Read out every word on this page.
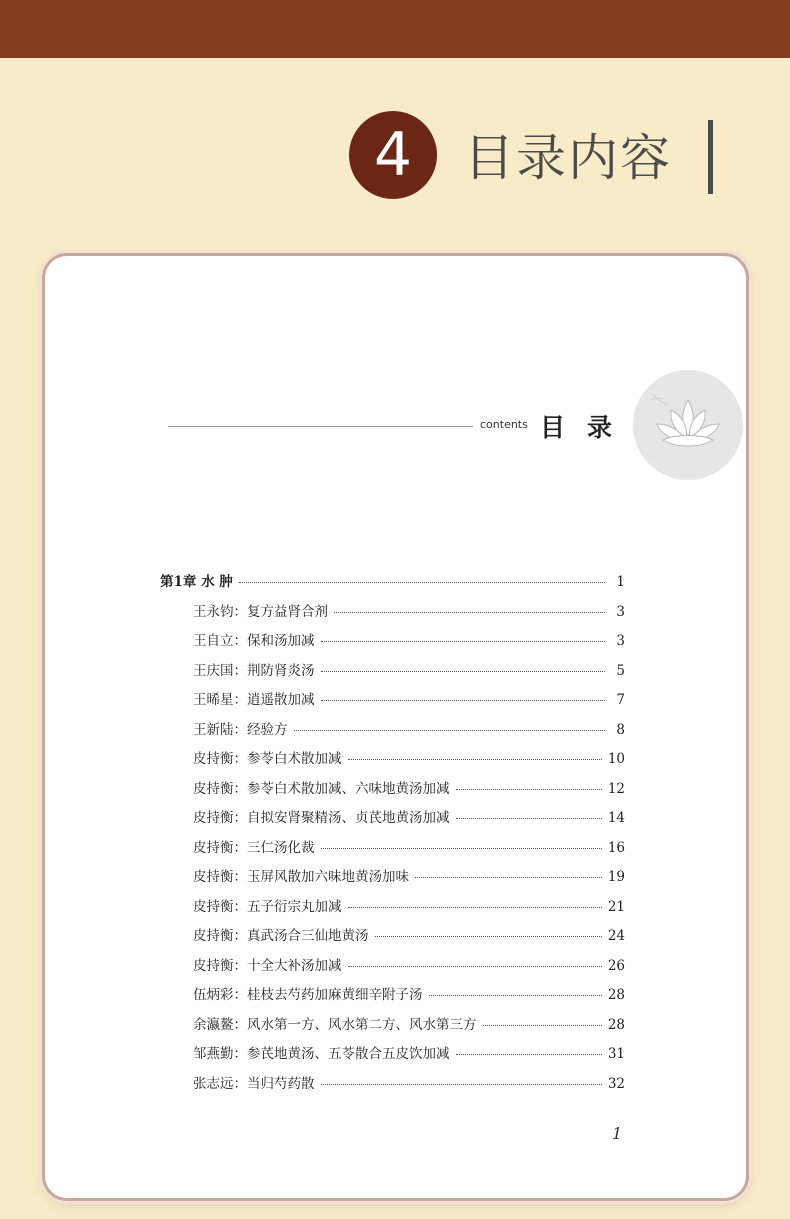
4	目录内容
contents 目录
第1章 水 肿	1
王永钧：复方益肾合剂	3
王自立：保和汤加减	3
王庆国：荆防肾炎汤	5
王晞星：逍遥散加减	7
王新陆：经验方	8
皮持衡：参苓白术散加减	10
皮持衡：参苓白术散加减、六味地黄汤加减	12
皮持衡：自拟安肾聚精汤、贞芪地黄汤加减	14
皮持衡：三仁汤化裁	16
皮持衡：玉屏风散加六味地黄汤加味	19
皮持衡：五子衍宗丸加减	21
皮持衡：真武汤合三仙地黄汤	24
皮持衡：十全大补汤加减	26
伍炳彩：桂枝去芍药加麻黄细辛附子汤	28
余瀛鳌：风水第一方、风水第二方、风水第三方	28
邹燕勤：参芪地黄汤、五苓散合五皮饮加减	31
张志远：当归芍药散	32
1
